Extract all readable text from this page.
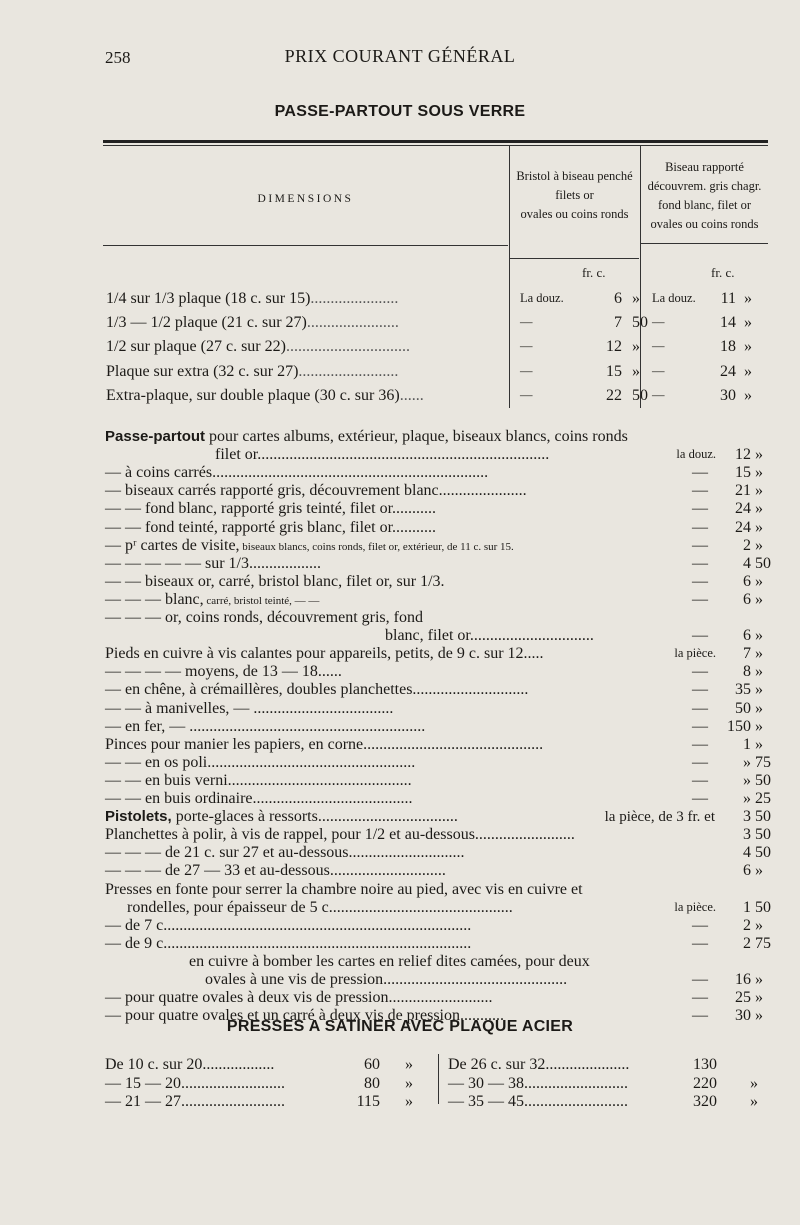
258	PRIX COURANT GÉNÉRAL
PASSE-PARTOUT SOUS VERRE
DIMENSIONS
Bristol à biseau penché
filets or
ovales ou coins ronds
Biseau rapporté
découvrem. gris chagr.
fond blanc, filet or
ovales ou coins ronds
fr. c.	fr. c.
1/4 sur 1/3 plaque (18 c. sur 15)......................	La douz.	6 » La douz.	11 »
1/3 — 1/2 plaque (21 c. sur 27).......................	—	7 50 —	14 »
1/2 sur plaque (27 c. sur 22)...............................	—	12 » —	18 »
Plaque sur extra (32 c. sur 27).........................	—	15 » —	24 »
Extra-plaque, sur double plaque (30 c. sur 36)......	—	22 50 —	30 »
Passe-partout pour cartes albums, extérieur, plaque, biseaux blancs, coins ronds
filet or.........................................................................	la douz.	12 »
— à coins carrés.....................................................................	—	15 »
— biseaux carrés rapporté gris, découvrement blanc......................	—	21 »
— — fond blanc, rapporté gris teinté, filet or...........	—	24 »
— — fond teinté, rapporté gris blanc, filet or...........	—	24 »
— pʳ cartes de visite, biseaux blancs, coins ronds, filet or, extérieur, de 11 c. sur 15.	—	2 »
— — — — — sur 1/3..................	—	4 50
— — biseaux or, carré, bristol blanc, filet or, sur 1/3.	—	6 »
— — — blanc, carré, bristol teinté, — —	—	6 »
— — — or, coins ronds, découvrement gris, fond
blanc, filet or...............................	—	6 »
Pieds en cuivre à vis calantes pour appareils, petits, de 9 c. sur 12.....	la pièce.	7 »
— — — — moyens, de 13 — 18......	—	8 »
— en chêne, à crémaillères, doubles planchettes.............................	—	35 »
— — à manivelles, — ...................................	—	50 »
— en fer, — ...........................................................	—	150 »
Pinces pour manier les papiers, en corne.............................................	—	1 »
— — en os poli....................................................	—	» 75
— — en buis verni..............................................	—	» 50
— — en buis ordinaire........................................	—	» 25
Pistolets, porte-glaces à ressorts...................................	la pièce, de 3 fr. et	3 50
Planchettes à polir, à vis de rappel, pour 1/2 et au-dessous.........................	3 50
— — — de 21 c. sur 27 et au-dessous.............................	4 50
— — — de 27 — 33 et au-dessous.............................	6 »
Presses en fonte pour serrer la chambre noire au pied, avec vis en cuivre et
rondelles, pour épaisseur de 5 c..............................................	la pièce.	1 50
— de 7 c.............................................................................	—	2 »
— de 9 c.............................................................................	—	2 75
en cuivre à bomber les cartes en relief dites camées, pour deux
ovales à une vis de pression..............................................	—	16 »
— pour quatre ovales à deux vis de pression..........................	—	25 »
— pour quatre ovales et un carré à deux vis de pression...........	—	30 »
PRESSES A SATINER AVEC PLAQUE ACIER
De 10 c. sur 20..................	60 »
— 15 — 20..........................	80 »
— 21 — 27..........................	115 »
De 26 c. sur 32.....................	130
— 30 — 38..........................	220 »
— 35 — 45..........................	320 »
